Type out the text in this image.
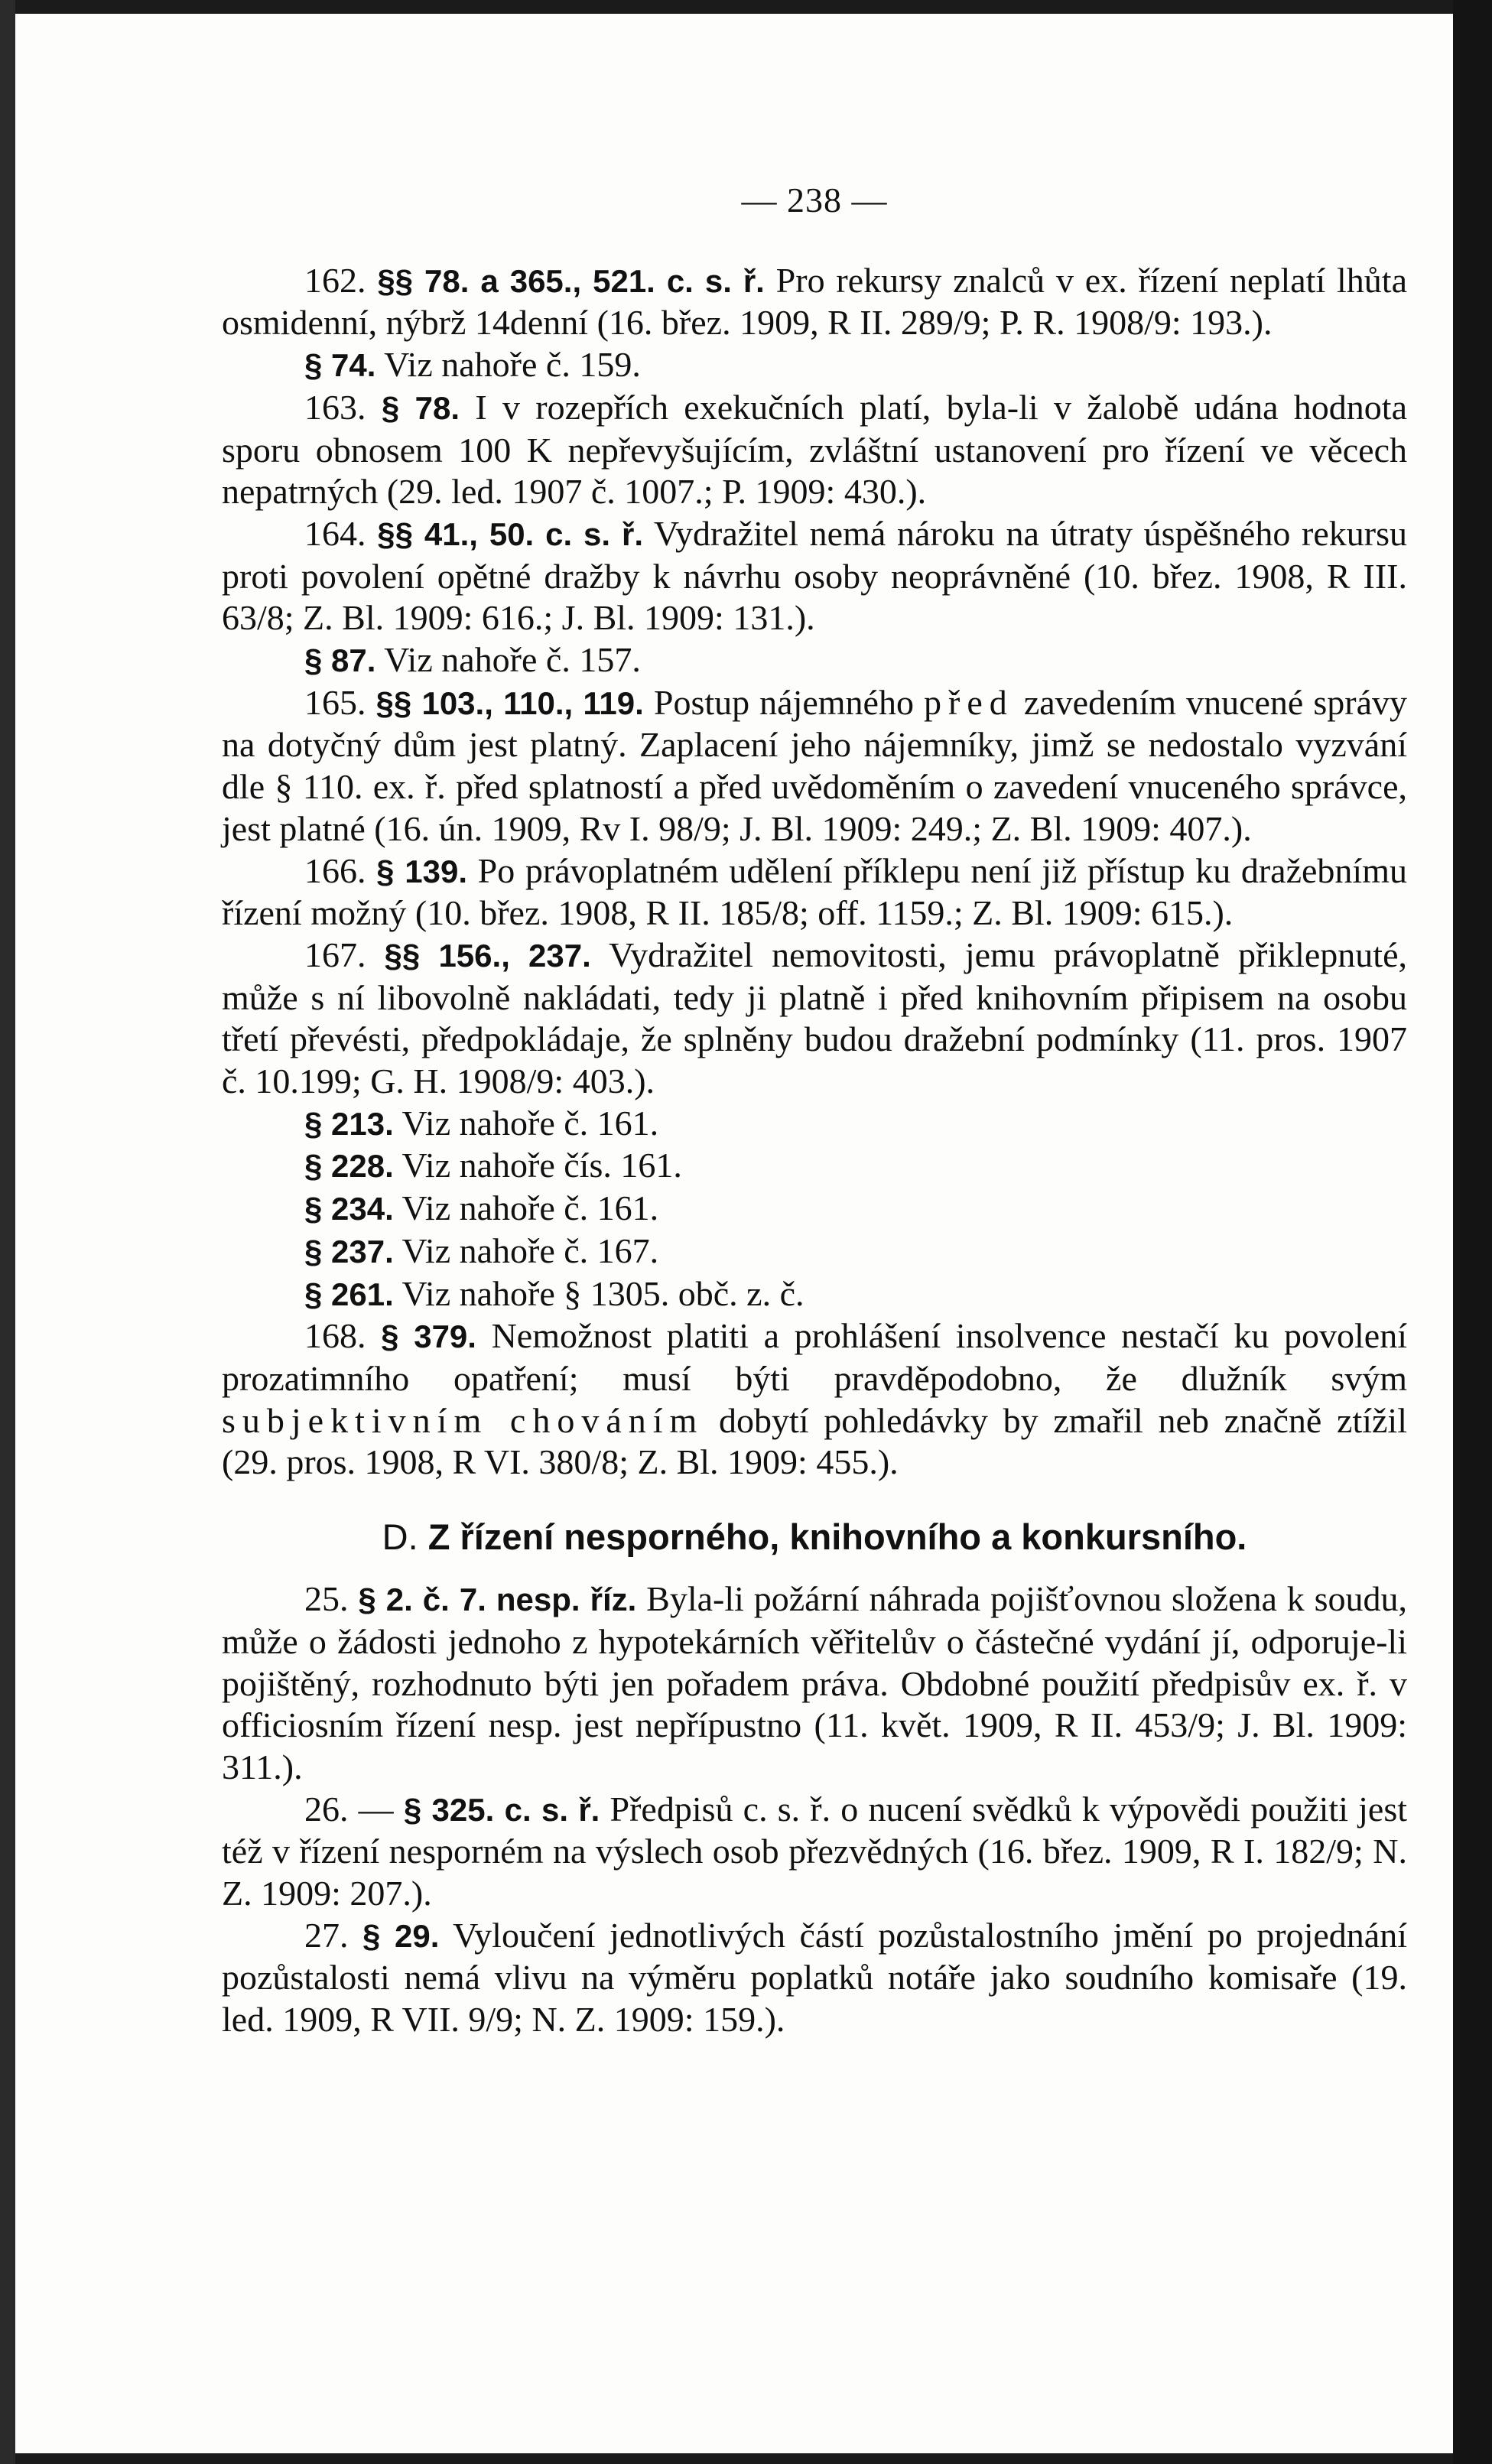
— 238 —

162. §§ 78. a 365., 521. c. s. ř. Pro rekursy znalců v ex. řízení neplatí lhůta osmidenní, nýbrž 14denní (16. břez. 1909, R II. 289/9; P. R. 1908/9: 193.).

§ 74. Viz nahoře č. 159.

163. § 78. I v rozepřích exekučních platí, byla-li v žalobě udána hodnota sporu obnosem 100 K nepřevyšujícím, zvláštní ustanovení pro řízení ve věcech nepatrných (29. led. 1907 č. 1007.; P. 1909: 430.).

164. §§ 41., 50. c. s. ř. Vydražitel nemá nároku na útraty úspěšného rekursu proti povolení opětné dražby k návrhu osoby neoprávněné (10. břez. 1908, R III. 63/8; Z. Bl. 1909: 616.; J. Bl. 1909: 131.).

§ 87. Viz nahoře č. 157.

165. §§ 103., 110., 119. Postup nájemného před zavedením vnucené správy na dotyčný dům jest platný. Zaplacení jeho nájemníky, jimž se nedostalo vyzvání dle § 110. ex. ř. před splatností a před uvědoměním o zavedení vnuceného správce, jest platné (16. ún. 1909, Rv I. 98/9; J. Bl. 1909: 249.; Z. Bl. 1909: 407.).

166. § 139. Po právoplatném udělení příklepu není již přístup ku dražebnímu řízení možný (10. břez. 1908, R II. 185/8; off. 1159.; Z. Bl. 1909: 615.).

167. §§ 156., 237. Vydražitel nemovitosti, jemu právoplatně přiklepnuté, může s ní libovolně nakládati, tedy ji platně i před knihovním připisem na osobu třetí převésti, předpokládaje, že splněny budou dražební podmínky (11. pros. 1907 č. 10.199; G. H. 1908/9: 403.).

§ 213. Viz nahoře č. 161.

§ 228. Viz nahoře čís. 161.

§ 234. Viz nahoře č. 161.

§ 237. Viz nahoře č. 167.

§ 261. Viz nahoře § 1305. obč. z. č.

168. § 379. Nemožnost platiti a prohlášení insolvence nestačí ku povolení prozatimního opatření; musí býti pravděpodobno, že dlužník svým subjektivním chováním dobytí pohledávky by zmařil neb značně ztížil (29. pros. 1908, R VI. 380/8; Z. Bl. 1909: 455.).

D. Z řízení nesporného, knihovního a konkursního.

25. § 2. č. 7. nesp. říz. Byla-li požární náhrada pojišťovnou složena k soudu, může o žádosti jednoho z hypotekárních věřitelův o částečné vydání jí, odporuje-li pojištěný, rozhodnuto býti jen pořadem práva. Obdobné použití předpisův ex. ř. v officiosním řízení nesp. jest nepřípustno (11. květ. 1909, R II. 453/9; J. Bl. 1909: 311.).

26. — § 325. c. s. ř. Předpisů c. s. ř. o nucení svědků k výpovědi použiti jest též v řízení nesporném na výslech osob přezvědných (16. břez. 1909, R I. 182/9; N. Z. 1909: 207.).

27. § 29. Vyloučení jednotlivých částí pozůstalostního jmění po projednání pozůstalosti nemá vlivu na výměru poplatků notáře jako soudního komisaře (19. led. 1909, R VII. 9/9; N. Z. 1909: 159.).
